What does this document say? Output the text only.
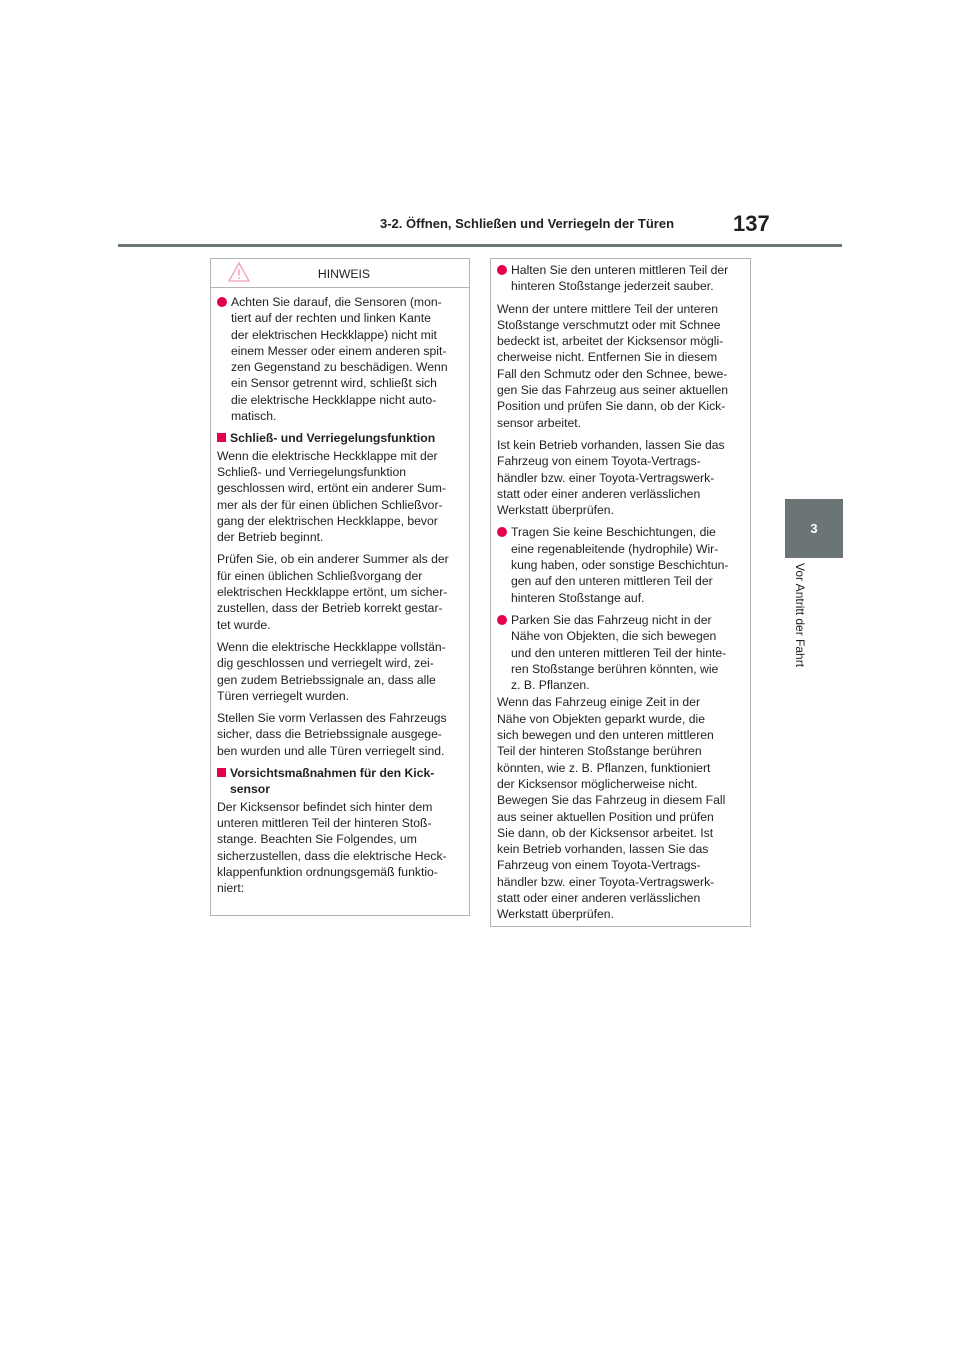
3-2. Öffnen, Schließen und Verriegeln der Türen	137
3
Vor Antritt der Fahrt
HINWEIS
Achten Sie darauf, die Sensoren (mon-
tiert auf der rechten und linken Kante
der elektrischen Heckklappe) nicht mit
einem Messer oder einem anderen spit-
zen Gegenstand zu beschädigen. Wenn
ein Sensor getrennt wird, schließt sich
die elektrische Heckklappe nicht auto-
matisch.
Schließ- und Verriegelungsfunktion

Wenn die elektrische Heckklappe mit der
Schließ- und Verriegelungsfunktion
geschlossen wird, ertönt ein anderer Sum-
mer als der für einen üblichen Schließvor-
gang der elektrischen Heckklappe, bevor
der Betrieb beginnt.

Prüfen Sie, ob ein anderer Summer als der
für einen üblichen Schließvorgang der
elektrischen Heckklappe ertönt, um sicher-
zustellen, dass der Betrieb korrekt gestar-
tet wurde.

Wenn die elektrische Heckklappe vollstän-
dig geschlossen und verriegelt wird, zei-
gen zudem Betriebssignale an, dass alle
Türen verriegelt wurden.

Stellen Sie vorm Verlassen des Fahrzeugs
sicher, dass die Betriebssignale ausgege-
ben wurden und alle Türen verriegelt sind.

Vorsichtsmaßnahmen für den Kick-
sensor

Der Kicksensor befindet sich hinter dem
unteren mittleren Teil der hinteren Stoß-
stange. Beachten Sie Folgendes, um
sicherzustellen, dass die elektrische Heck-
klappenfunktion ordnungsgemäß funktio-
niert:

Halten Sie den unteren mittleren Teil der
hinteren Stoßstange jederzeit sauber.

Wenn der untere mittlere Teil der unteren
Stoßstange verschmutzt oder mit Schnee
bedeckt ist, arbeitet der Kicksensor mögli-
cherweise nicht. Entfernen Sie in diesem
Fall den Schmutz oder den Schnee, bewe-
gen Sie das Fahrzeug aus seiner aktuellen
Position und prüfen Sie dann, ob der Kick-
sensor arbeitet.

Ist kein Betrieb vorhanden, lassen Sie das
Fahrzeug von einem Toyota-Vertrags-
händler bzw. einer Toyota-Vertragswerk-
statt oder einer anderen verlässlichen
Werkstatt überprüfen.

Tragen Sie keine Beschichtungen, die
eine regenableitende (hydrophile) Wir-
kung haben, oder sonstige Beschichtun-
gen auf den unteren mittleren Teil der
hinteren Stoßstange auf.
Parken Sie das Fahrzeug nicht in der
Nähe von Objekten, die sich bewegen
und den unteren mittleren Teil der hinte-
ren Stoßstange berühren könnten, wie
z. B. Pflanzen.

Wenn das Fahrzeug einige Zeit in der
Nähe von Objekten geparkt wurde, die
sich bewegen und den unteren mittleren
Teil der hinteren Stoßstange berühren
könnten, wie z. B. Pflanzen, funktioniert
der Kicksensor möglicherweise nicht.
Bewegen Sie das Fahrzeug in diesem Fall
aus seiner aktuellen Position und prüfen
Sie dann, ob der Kicksensor arbeitet. Ist
kein Betrieb vorhanden, lassen Sie das
Fahrzeug von einem Toyota-Vertrags-
händler bzw. einer Toyota-Vertragswerk-
statt oder einer anderen verlässlichen
Werkstatt überprüfen.
